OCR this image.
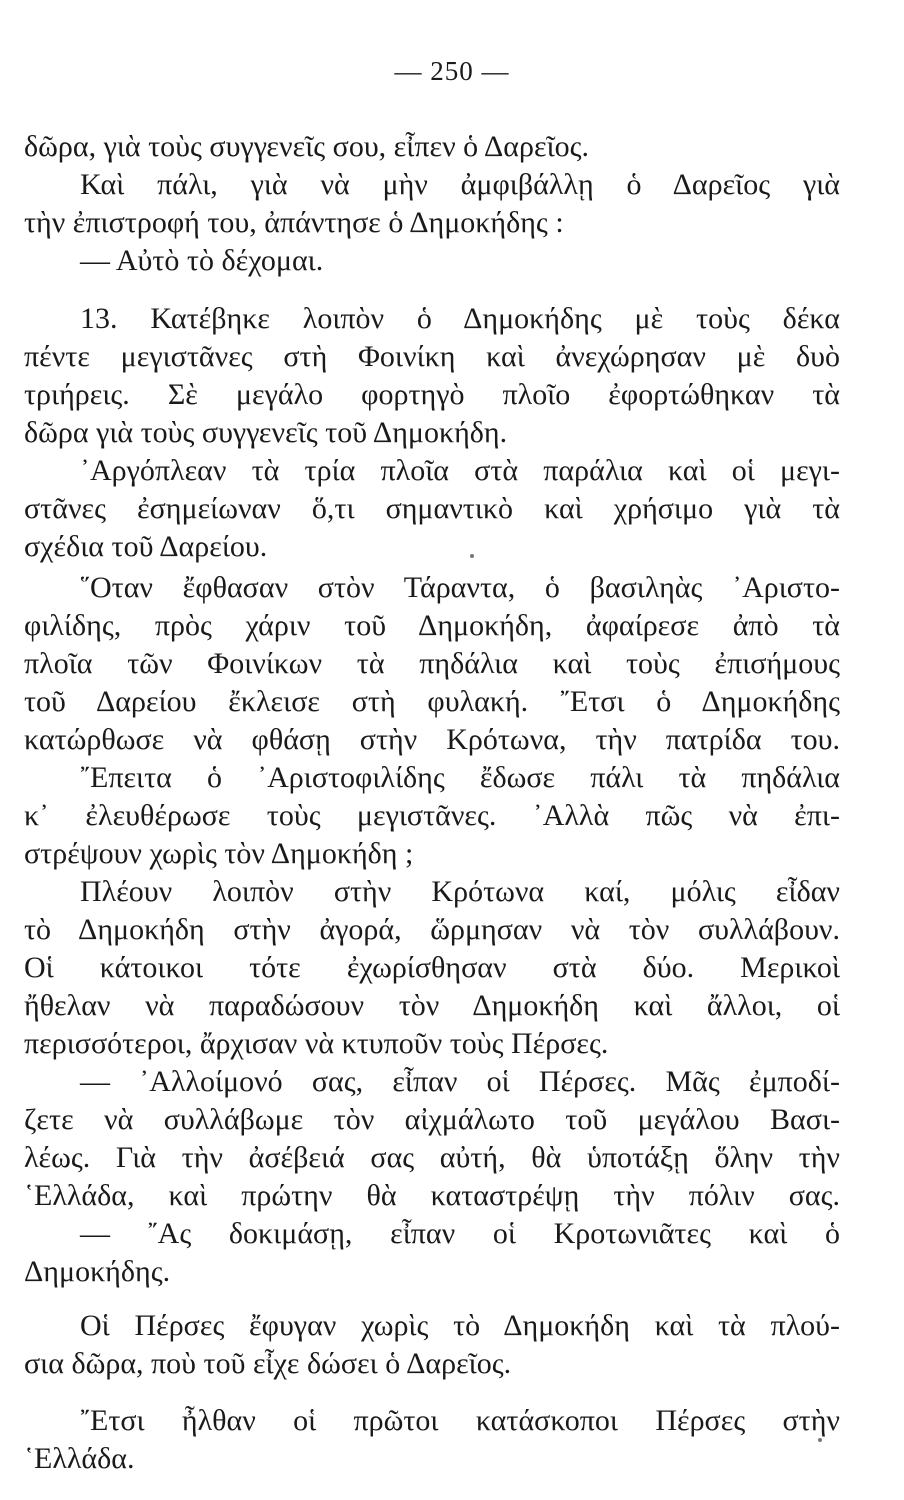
— 250 —
δῶρα, γιὰ τοὺς συγγενεῖς σου, εἶπεν ὁ Δαρεῖος.
Καὶ πάλι, γιὰ νὰ μὴν ἀμφιβάλλῃ ὁ Δαρεῖος γιὰ
τὴν ἐπιστροφή του, ἀπάντησε ὁ Δημοκήδης :
— Αὐτὸ τὸ δέχομαι.
13. Κατέβηκε λοιπὸν ὁ Δημοκήδης μὲ τοὺς δέκα
πέντε μεγιστᾶνες στὴ Φοινίκη καὶ ἀνεχώρησαν μὲ δυὸ
τριήρεις. Σὲ μεγάλο φορτηγὸ πλοῖο ἐφορτώθηκαν τὰ
δῶρα γιὰ τοὺς συγγενεῖς τοῦ Δημοκήδη.
᾿Αργόπλεαν τὰ τρία πλοῖα στὰ παράλια καὶ οἱ μεγι-
στᾶνες ἐσημείωναν ὅ,τι σημαντικὸ καὶ χρήσιμο γιὰ τὰ
σχέδια τοῦ Δαρείου.
῞Οταν ἔφθασαν στὸν Τάραντα, ὁ βασιληὰς ᾿Αριστο-
φιλίδης, πρὸς χάριν τοῦ Δημοκήδη, ἀφαίρεσε ἀπὸ τὰ
πλοῖα τῶν Φοινίκων τὰ πηδάλια καὶ τοὺς ἐπισήμους
τοῦ Δαρείου ἔκλεισε στὴ φυλακή. ῎Ετσι ὁ Δημοκήδης
κατώρθωσε νὰ φθάσῃ στὴν Κρότωνα, τὴν πατρίδα του.
῎Επειτα ὁ ᾿Αριστοφιλίδης ἔδωσε πάλι τὰ πηδάλια
κ᾿ ἐλευθέρωσε τοὺς μεγιστᾶνες. ᾿Αλλὰ πῶς νὰ ἐπι-
στρέψουν χωρὶς τὸν Δημοκήδη ;
Πλέουν λοιπὸν στὴν Κρότωνα καί, μόλις εἶδαν
τὸ Δημοκήδη στὴν ἀγορά, ὥρμησαν νὰ τὸν συλλάβουν.
Οἱ κάτοικοι τότε ἐχωρίσθησαν στὰ δύο. Μερικοὶ
ἤθελαν νὰ παραδώσουν τὸν Δημοκήδη καὶ ἄλλοι, οἱ
περισσότεροι, ἄρχισαν νὰ κτυποῦν τοὺς Πέρσες.
— ᾿Αλλοίμονό σας, εἶπαν οἱ Πέρσες. Μᾶς ἐμποδί-
ζετε νὰ συλλάβωμε τὸν αἰχμάλωτο τοῦ μεγάλου Βασι-
λέως. Γιὰ τὴν ἀσέβειά σας αὐτή, θὰ ὑποτάξῃ ὅλην τὴν
῾Ελλάδα, καὶ πρώτην θὰ καταστρέψῃ τὴν πόλιν σας.
— ῎Ας δοκιμάσῃ, εἶπαν οἱ Κροτωνιᾶτες καὶ ὁ
Δημοκήδης.
Οἱ Πέρσες ἔφυγαν χωρὶς τὸ Δημοκήδη καὶ τὰ πλού-
σια δῶρα, ποὺ τοῦ εἶχε δώσει ὁ Δαρεῖος.
῎Ετσι ἦλθαν οἱ πρῶτοι κατάσκοποι Πέρσες στὴν
῾Ελλάδα.
